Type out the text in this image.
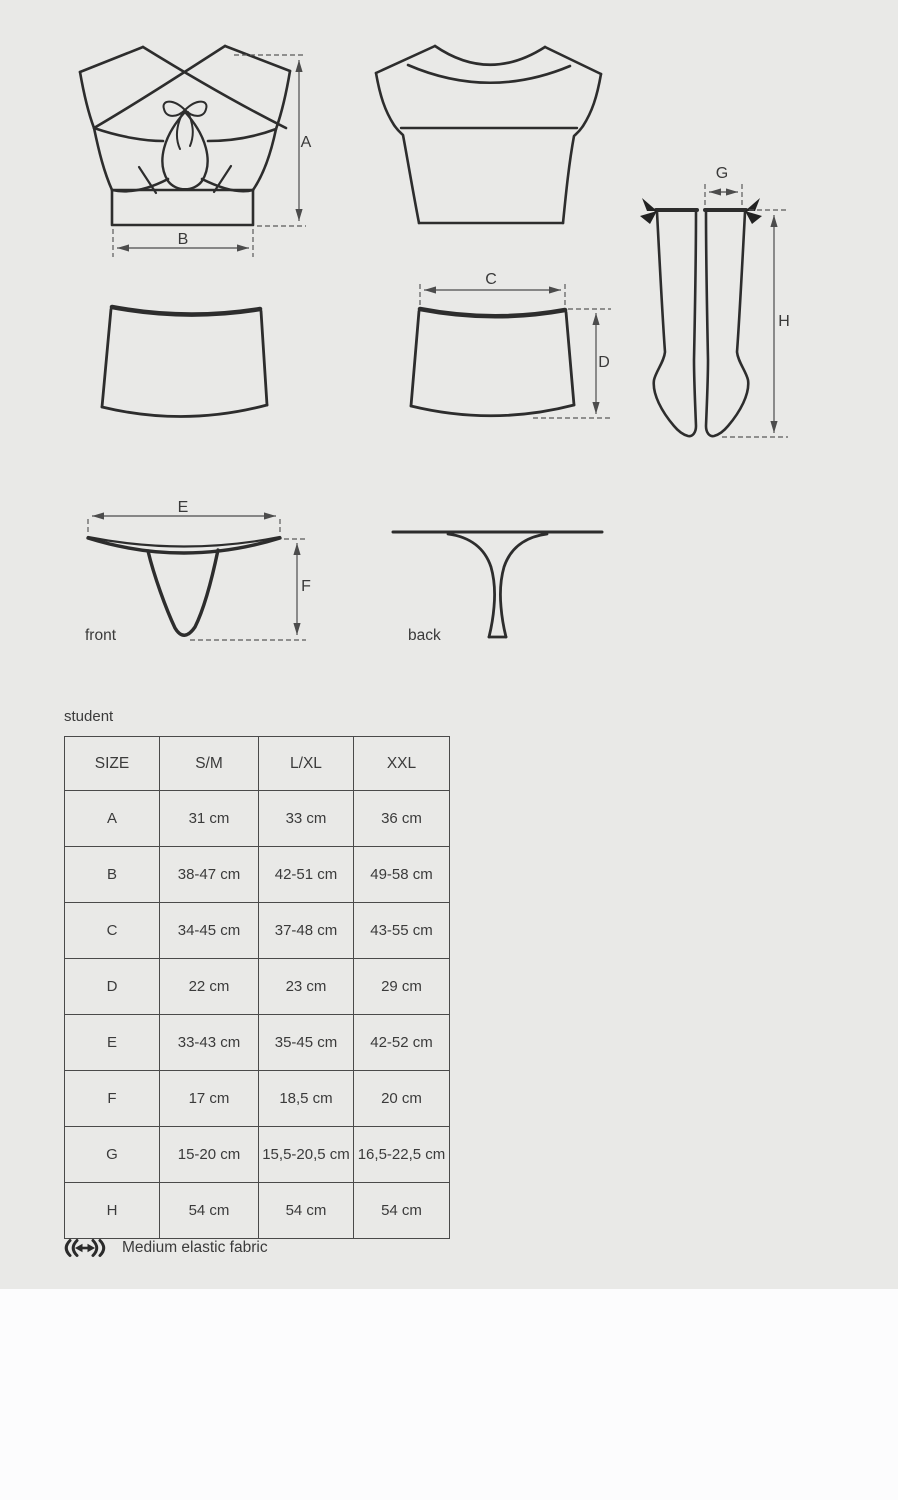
A
B
C
D
E
F
G
H
front	back
student
SIZE	S/M	L/XL	XXL
A	31 cm	33 cm	36 cm
B	38-47 cm	42-51 cm	49-58 cm
C	34-45 cm	37-48 cm	43-55 cm
D	22 cm	23 cm	29 cm
E	33-43 cm	35-45 cm	42-52 cm
F	17 cm	18,5 cm	20 cm
G	15-20 cm	15,5-20,5 cm	16,5-22,5 cm
H	54 cm	54 cm	54 cm
Medium elastic fabric
